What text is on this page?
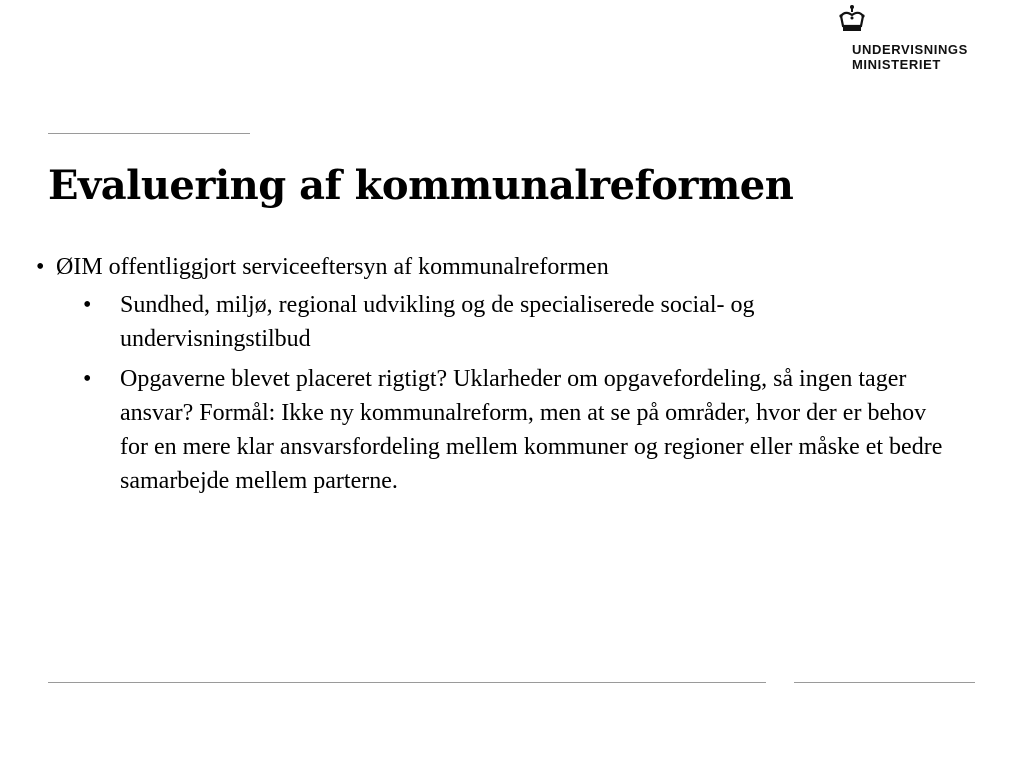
UNDERVISNINGS
MINISTERIET
Evaluering af kommunalreformen
• ØIM offentliggjort serviceeftersyn af kommunalreformen
•	Sundhed, miljø, regional udvikling og de specialiserede social- og undervisningstilbud
•	Opgaverne blevet placeret rigtigt? Uklarheder om opgavefordeling, så ingen tager ansvar? Formål: Ikke ny kommunalreform, men at se på områder, hvor der er behov for en mere klar ansvarsfordeling mellem kommuner og regioner eller måske et bedre samarbejde mellem parterne.
